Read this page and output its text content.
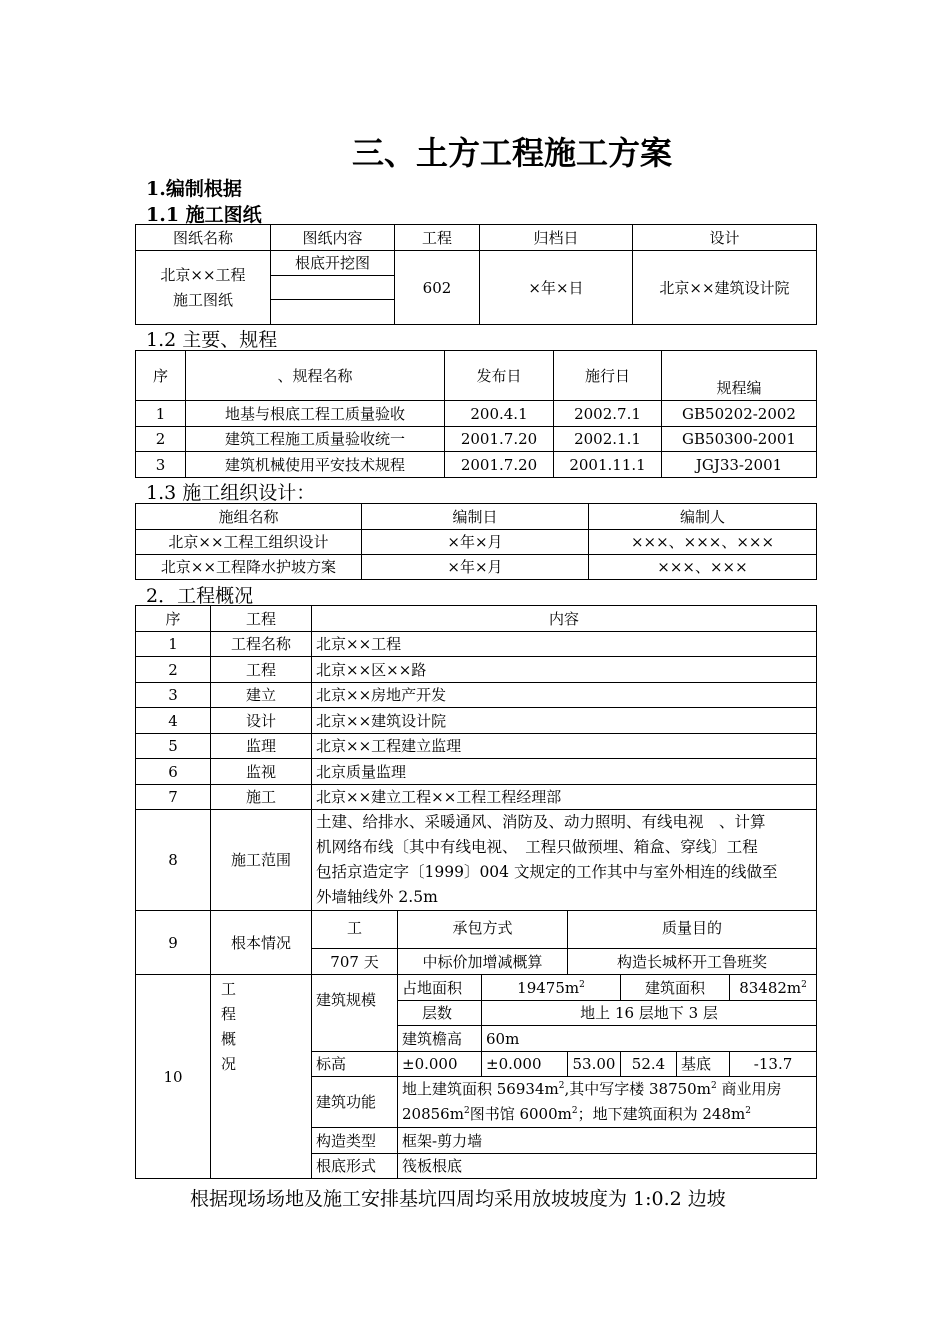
三、土方工程施工方案
1.编制根据
1.1 施工图纸
图纸名称	图纸内容	工程	归档日	设计
北京××工程
施工图纸	根底开挖图	602	×年×日	北京××建筑设计院

1.2 主要、规程
序	、规程名称	发布日	施行日	规程编
1	地基与根底工程工质量验收	200.4.1	2002.7.1	GB50202-2002
2	建筑工程施工质量验收统一	2001.7.20	2002.1.1	GB50300-2001
3	建筑机械使用平安技术规程	2001.7.20	2001.11.1	JGJ33-2001
1.3 施工组织设计：
施组名称	编制日	编制人
北京××工程工组织设计	×年×月	×××、×××、×××
北京××工程降水护坡方案	×年×月	×××、×××
2．工程概况
序	工程	内容						
1	工程名称	北京××工程						
2	工程	北京××区××路						
3	建立	北京××房地产开发						
4	设计	北京××建筑设计院						
5	监理	北京××工程建立监理						
6	监视	北京质量监理						
7	施工	北京××建立工程××工程工程经理部						
8	施工范围	土建、给排水、采暖通风、消防及、动力照明、有线电视　、计算
机网络布线〔其中有线电视、　工程只做预埋、箱盒、穿线〕工程
包括京造定字〔1999〕004 文规定的工作其中与室外相连的线做至
外墙轴线外 2.5m						
9	根本情况	工	承包方式		质量目的			
		707 天	中标价加增减概算		构造长城杯开工鲁班奖			
10	工
程
概
况	建筑规模	占地面积	$19475m^2$		建筑面积		$83482m^2$
			层数	地上 16 层地下 3 层				
			建筑檐高	60m				
		标高	±0.000	±0.000	53.00	52.4	基底	-13.7
		建筑功能	地上建筑面积 $56934m^2$,其中写字楼 $38750m^2$ 商业用房
$20856m^2$图书馆 $6000m^2$；地下建筑面积为 $248m^2$
		构造类型	框架-剪力墙					
		根底形式	筏板根底					
根据现场场地及施工安排基坑四周均采用放坡坡度为 1:0.2 边坡
